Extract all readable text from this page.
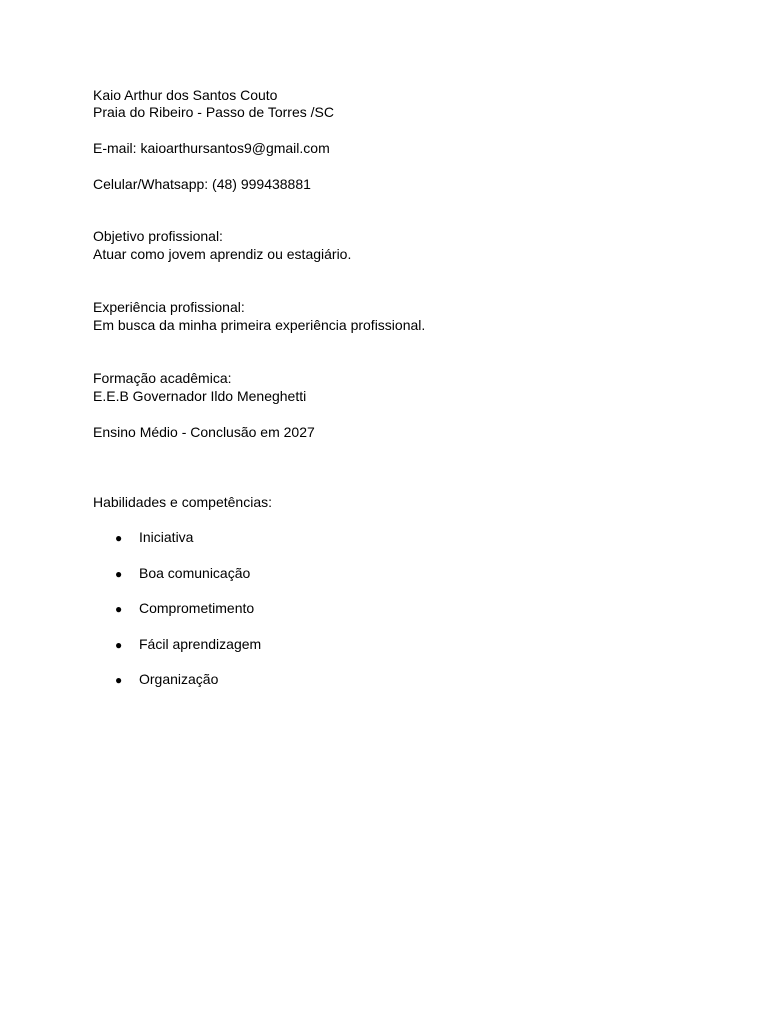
Kaio Arthur dos Santos Couto
Praia do Ribeiro - Passo de Torres /SC
E-mail: kaioarthursantos9@gmail.com
Celular/Whatsapp: (48) 999438881
Objetivo profissional:
Atuar como jovem aprendiz ou estagiário.
Experiência profissional:
Em busca da minha primeira experiência profissional.
Formação acadêmica:
E.E.B Governador Ildo Meneghetti
Ensino Médio - Conclusão em 2027
Habilidades e competências:
● Iniciativa
● Boa comunicação
● Comprometimento
● Fácil aprendizagem
● Organização
